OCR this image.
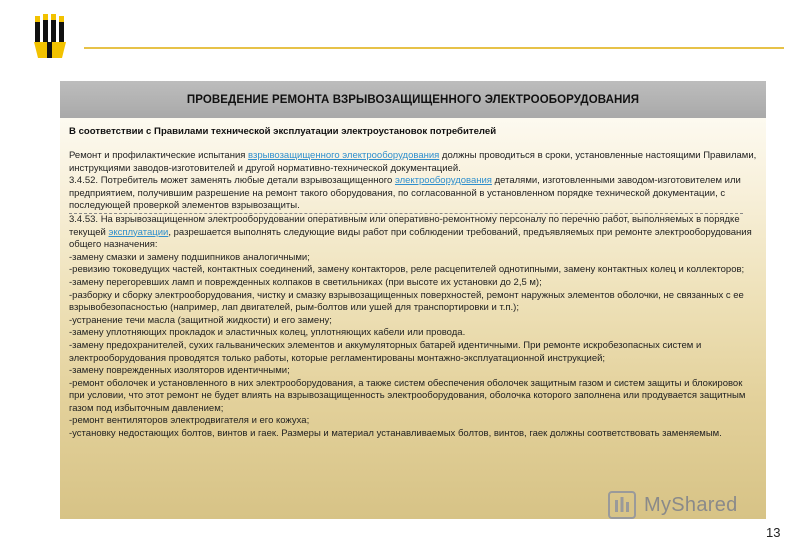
ПРОВЕДЕНИЕ РЕМОНТА ВЗРЫВОЗАЩИЩЕННОГО ЭЛЕКТРООБОРУДОВАНИЯ
В соответствии с Правилами технической эксплуатации электроустановок потребителей

Ремонт и профилактические испытания взрывозащищенного электрооборудования должны проводиться в сроки, установленные настоящими Правилами, инструкциями заводов-изготовителей и другой нормативно-технической документацией.

3.4.52. Потребитель может заменять любые детали взрывозащищенного электрооборудования деталями, изготовленными заводом-изготовителем или предприятием, получившим разрешение на ремонт такого оборудования, по согласованной в установленном порядке технической документации, с последующей проверкой элементов взрывозащиты.

3.4.53. На взрывозащищенном электрооборудовании оперативным или оперативно-ремонтному персоналу по перечню работ, выполняемых в порядке текущей эксплуатации, разрешается выполнять следующие виды работ при соблюдении требований, предъявляемых при ремонте электрооборудования общего назначения:

-замену смазки и замену подшипников аналогичными;

-ревизию токоведущих частей, контактных соединений, замену контакторов, реле расцепителей однотипными, замену контактных колец и коллекторов;

-замену перегоревших ламп и поврежденных колпаков в светильниках (при высоте их установки до 2,5 м);

-разборку и сборку электрооборудования, чистку и смазку взрывозащищенных поверхностей, ремонт наружных элементов оболочки, не связанных с ее взрывобезопасностью (например, лап двигателей, рым-болтов или ушей для транспортировки и т.п.);

-устранение течи масла (защитной жидкости) и его замену;

-замену уплотняющих прокладок и эластичных колец, уплотняющих кабели или провода.

-замену предохранителей, сухих гальванических элементов и аккумуляторных батарей идентичными. При ремонте искробезопасных систем и электрооборудования проводятся только работы, которые регламентированы монтажно-эксплуатационной инструкцией;

-замену поврежденных изоляторов идентичными;

-ремонт оболочек и установленного в них электрооборудования, а также систем обеспечения оболочек защитным газом и систем защиты и блокировок при условии, что этот ремонт не будет влиять на взрывозащищенность электрооборудования, оболочка которого заполнена или продувается защитным газом под избыточным давлением;

-ремонт вентиляторов электродвигателя и его кожуха;

-установку недостающих болтов, винтов и гаек. Размеры и материал устанавливаемых болтов, винтов, гаек должны соответствовать заменяемым.

MyShared
13
